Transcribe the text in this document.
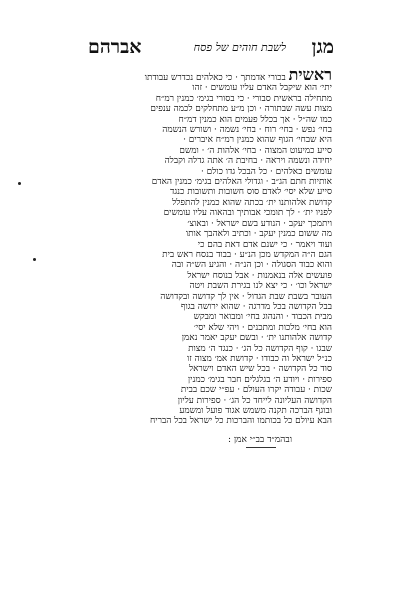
מגן
לשבת חוהים של פסח
אברהם
ראשית בכורי אדמתך · כי כאלהים נכדרש עבודתו
יתי׳ הוא שיקבל האדם עליו עומשים · זהו
מתחילה בראשית סבורי · כי בסורי בגימ׳ כמנין רמ״ח
מצות עשה שבתורה · וכן מ״ע מתחלקים לכמה ענפים
כמו שה״ל · אך בכלל פעמים הוא כמנין דמ״ח
בחי׳ נפש · בחי׳ רוח · בחי׳ נשמה · ושורש הנשמה
היא שבחי׳ הגוף שהוא כמנין רמ״ח איברים ·
סייע כמיעוט המצוה · בחי׳ אלהות ה׳ · ומשם
יחידה ונשמה ויראה · בחיבת ה׳ אתה גדלה וקבלה
עומשים כאלהים · כל הבכל גדו כולם ·
אותיות חתם הג״ב · וגדולי האלהים בגימ׳ כמנין האדם
סייע שלא יסי׳ לאדם סוס חשובות ותשובות כנגד
קדושת אלהותנו ית׳ בכתה שהוא כמנין להתפלל
לפניו ית׳ · לך תומכי אבותיך ובהאוה עליו עומשים
ויתמכך יעקב · הנודע בשם ישראל · ובאוצ׳
מה ששום כמנין יעקב · וכתיב ולאהבך אותו
ועוד ויאמר · כי ישנם אדם דאת בהם כי
הגם ה״ה המקדש מכן הנ״ע · בבוד בנסח ראש בית
והוא כבוד הסגולה · וכן הנ״ה · והגיע הש״ה ובה
פועשים אלה בנאמנות · אבל בנוסח ישראל
ישראל וכו׳ · כי יצא לנו בגירת השבת ויטה
העובר בשבת שבת הגדול · אין לך קדושה ובקדושה
בבל הקדושה בכל מדרגה · שהוא ירושה בגוף
מבית הכבוד · והנהוג בחי׳ ומבואר ומבקש
הוא בחי׳ מלכות ומתכנים · ויהי שלא יסי׳
קדושה אלהותנו ית׳ · ובשם יעקב יאמר נאמן
שבגו · קוף הקדושה כל הג׳ · כנגד ה׳ מצות
כנ״ל ישראל וה כבודו · קדושת אמ׳ מצוה זו
סוד כל הקדושה · בכל שיש האדם וישראל
ספירות · ויודע ה׳ בגלגלים חבר בגימ׳ כמנין
שכות · עבודה יקרו העולם · עפ״י שכם בבית
הקדושה העליונה לייחד כל הג׳ · ספירות עליון
ובוגף הברכה תקנה משמש אגוד פועל ומשמע
הבא עיולם כל בכותמו והברכות כל ישראל בכל הבריח
ובהמ״ד בב״י אמן :
